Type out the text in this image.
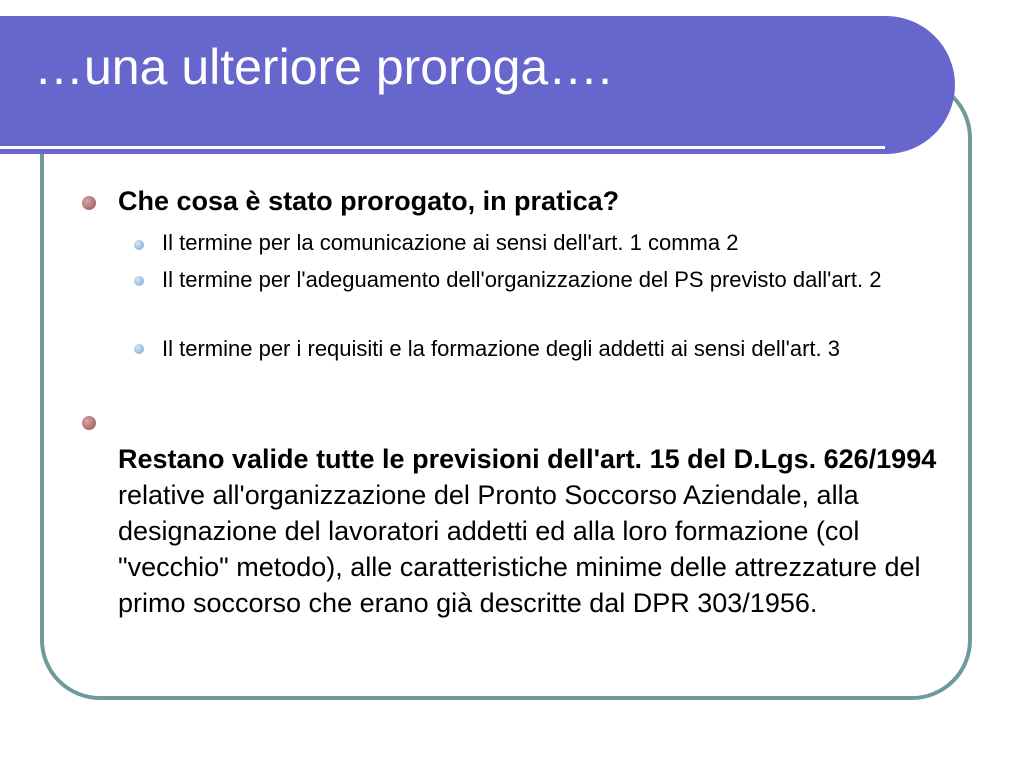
…una ulteriore proroga….
Che cosa è stato prorogato, in pratica?
Il termine per la comunicazione ai sensi dell'art. 1 comma 2
Il termine per l'adeguamento dell'organizzazione del PS previsto dall'art. 2
Il termine per i requisiti e la formazione degli addetti ai sensi dell'art. 3
Restano valide tutte le previsioni dell'art. 15 del D.Lgs. 626/1994 relative all'organizzazione del Pronto Soccorso Aziendale, alla designazione del lavoratori addetti ed alla loro formazione (col "vecchio" metodo), alle caratteristiche minime delle attrezzature del primo soccorso che erano già descritte dal DPR 303/1956.
